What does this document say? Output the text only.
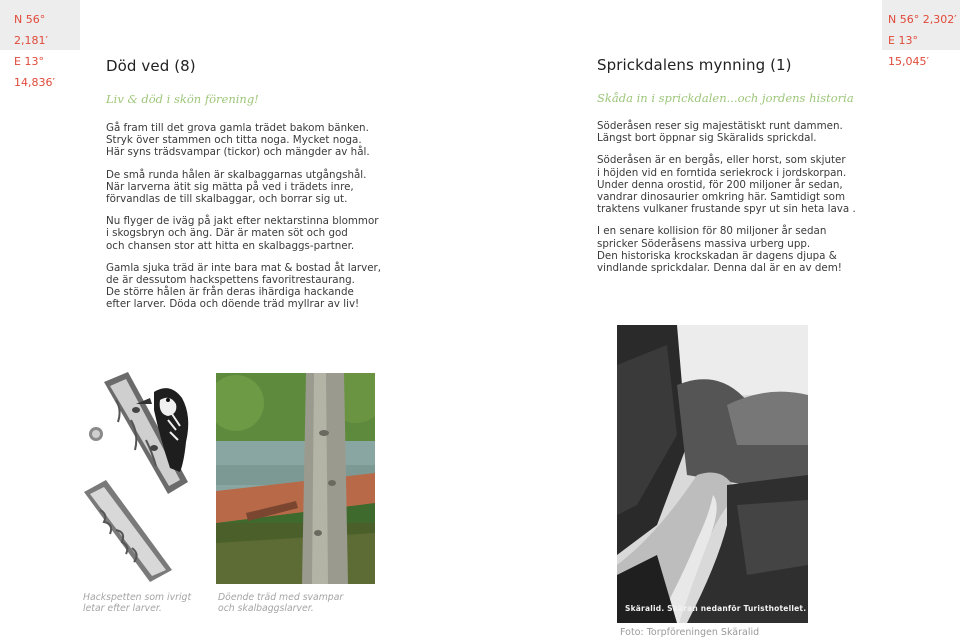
N 56° 2,181′
E 13° 14,836′
Död ved (8)
Liv & död i skön förening!

Gå fram till det grova gamla trädet bakom bänken.
Stryk över stammen och titta noga. Mycket noga.
Här syns trädsvampar (tickor) och mängder av hål.

De små runda hålen är skalbaggarnas utgångshål.
När larverna ätit sig mätta på ved i trädets inre,
förvandlas de till skalbaggar, och borrar sig ut.

Nu flyger de iväg på jakt efter nektarstinna blommor
i skogsbryn och äng. Där är maten söt och god
och chansen stor att hitta en skalbaggs-partner.

Gamla sjuka träd är inte bara mat & bostad åt larver,
de är dessutom hackspettens favoritrestaurang.
De större hålen är från deras ihärdiga hackande
efter larver. Döda och döende träd myllrar av liv!

Hackspetten som ivrigt
letar efter larver.
Döende träd med svampar
och skalbaggslarver.
N 56° 2,302′
E 13° 15,045′
Sprickdalens mynning (1)
Skåda in i sprickdalen...och jordens historia

Söderåsen reser sig majestätiskt runt dammen.
Längst bort öppnar sig Skäralids sprickdal.

Söderåsen är en bergås, eller horst, som skjuter
i höjden vid en forntida seriekrock i jordskorpan.
Under denna orostid, för 200 miljoner år sedan,
vandrar dinosaurier omkring här. Samtidigt som
traktens vulkaner frustande spyr ut sin heta lava .

I en senare kollision för 80 miljoner år sedan
spricker Söderåsens massiva urberg upp.
Den historiska krockskadan är dagens djupa &
vindlande sprickdalar. Denna dal är en av dem!

Skäralid. Skäran nedanför Turisthotellet.
Foto: Torpföreningen Skäralid
